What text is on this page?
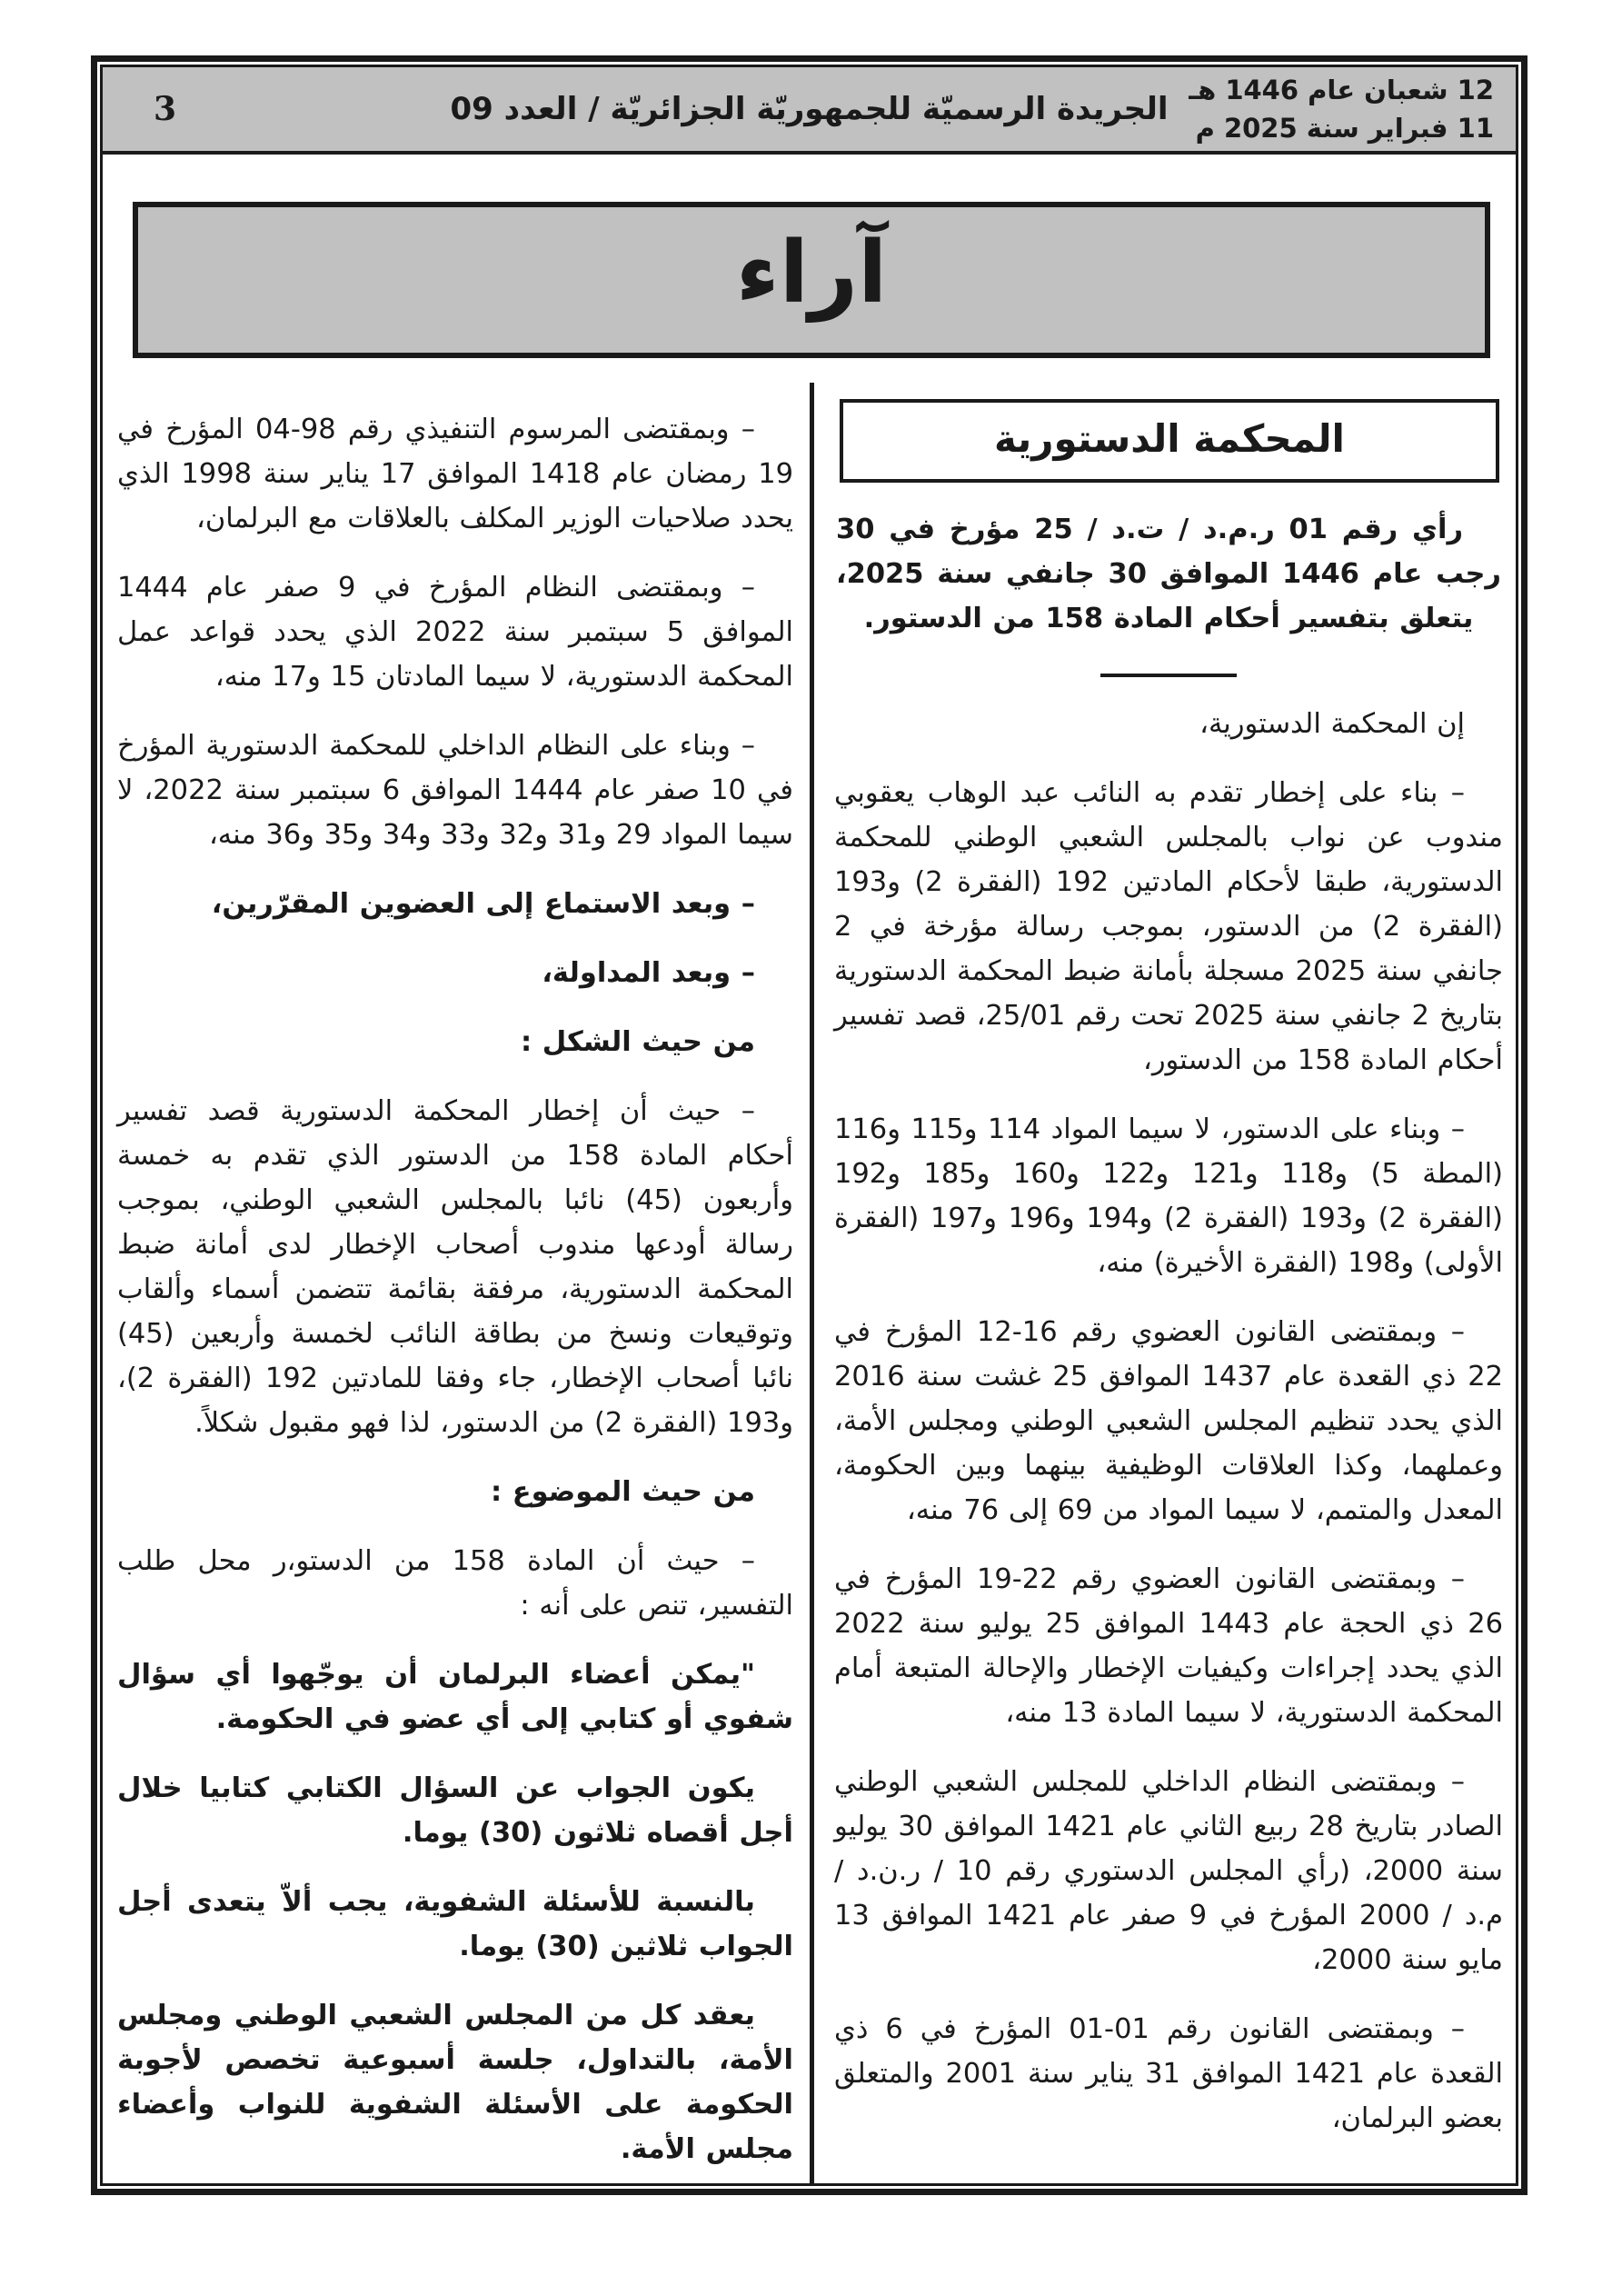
3	الجريدة الرسميّة للجمهوريّة الجزائريّة / العدد 09
12 شعبان عام 1446 هـ
11 فبراير سنة 2025 م
آراء
المحكمة الدستورية
رأي رقم 01 ر.م.د / ت.د / 25 مؤرخ في 30 رجب عام 1446 الموافق 30 جانفي سنة 2025، يتعلق بتفسير أحكام المادة 158 من الدستور.
إن المحكمة الدستورية،
– بناء على إخطار تقدم به النائب عبد الوهاب يعقوبي مندوب عن نواب بالمجلس الشعبي الوطني للمحكمة الدستورية، طبقا لأحكام المادتين 192 (الفقرة 2) و193 (الفقرة 2) من الدستور، بموجب رسالة مؤرخة في 2 جانفي سنة 2025 مسجلة بأمانة ضبط المحكمة الدستورية بتاريخ 2 جانفي سنة 2025 تحت رقم 25/01، قصد تفسير أحكام المادة 158 من الدستور،
– وبناء على الدستور، لا سيما المواد 114 و115 و116 (المطة 5) و118 و121 و122 و160 و185 و192 (الفقرة 2) و193 (الفقرة 2) و194 و196 و197 (الفقرة الأولى) و198 (الفقرة الأخيرة) منه،
– وبمقتضى القانون العضوي رقم 16-12 المؤرخ في 22 ذي القعدة عام 1437 الموافق 25 غشت سنة 2016 الذي يحدد تنظيم المجلس الشعبي الوطني ومجلس الأمة، وعملهما، وكذا العلاقات الوظيفية بينهما وبين الحكومة، المعدل والمتمم، لا سيما المواد من 69 إلى 76 منه،
– وبمقتضى القانون العضوي رقم 22-19 المؤرخ في 26 ذي الحجة عام 1443 الموافق 25 يوليو سنة 2022 الذي يحدد إجراءات وكيفيات الإخطار والإحالة المتبعة أمام المحكمة الدستورية، لا سيما المادة 13 منه،
– وبمقتضى النظام الداخلي للمجلس الشعبي الوطني الصادر بتاريخ 28 ربيع الثاني عام 1421 الموافق 30 يوليو سنة 2000، (رأي المجلس الدستوري رقم 10 / ر.ن.د / م.د / 2000 المؤرخ في 9 صفر عام 1421 الموافق 13 مايو سنة 2000،
– وبمقتضى القانون رقم 01-01 المؤرخ في 6 ذي القعدة عام 1421 الموافق 31 يناير سنة 2001 والمتعلق بعضو البرلمان،
– وبمقتضى المرسوم التنفيذي رقم 98-04 المؤرخ في 19 رمضان عام 1418 الموافق 17 يناير سنة 1998 الذي يحدد صلاحيات الوزير المكلف بالعلاقات مع البرلمان،
– وبمقتضى النظام المؤرخ في 9 صفر عام 1444 الموافق 5 سبتمبر سنة 2022 الذي يحدد قواعد عمل المحكمة الدستورية، لا سيما المادتان 15 و17 منه،
– وبناء على النظام الداخلي للمحكمة الدستورية المؤرخ في 10 صفر عام 1444 الموافق 6 سبتمبر سنة 2022، لا سيما المواد 29 و31 و32 و33 و34 و35 و36 منه،
– وبعد الاستماع إلى العضوين المقرّرين،
– وبعد المداولة،
من حيث الشكل :
– حيث أن إخطار المحكمة الدستورية قصد تفسير أحكام المادة 158 من الدستور الذي تقدم به خمسة وأربعون (45) نائبا بالمجلس الشعبي الوطني، بموجب رسالة أودعها مندوب أصحاب الإخطار لدى أمانة ضبط المحكمة الدستورية، مرفقة بقائمة تتضمن أسماء وألقاب وتوقيعات ونسخ من بطاقة النائب لخمسة وأربعين (45) نائبا أصحاب الإخطار، جاء وفقا للمادتين 192 (الفقرة 2)، و193 (الفقرة 2) من الدستور، لذا فهو مقبول شكلاً.
من حيث الموضوع :
– حيث أن المادة 158 من الدستو،ر محل طلب التفسير، تنص على أنه :
"يمكن أعضاء البرلمان أن يوجّهوا أي سؤال شفوي أو كتابي إلى أي عضو في الحكومة.
يكون الجواب عن السؤال الكتابي كتابيا خلال أجل أقصاه ثلاثون (30) يوما.
بالنسبة للأسئلة الشفوية، يجب ألاّ يتعدى أجل الجواب ثلاثين (30) يوما.
يعقد كل من المجلس الشعبي الوطني ومجلس الأمة، بالتداول، جلسة أسبوعية تخصص لأجوبة الحكومة على الأسئلة الشفوية للنواب وأعضاء مجلس الأمة.
